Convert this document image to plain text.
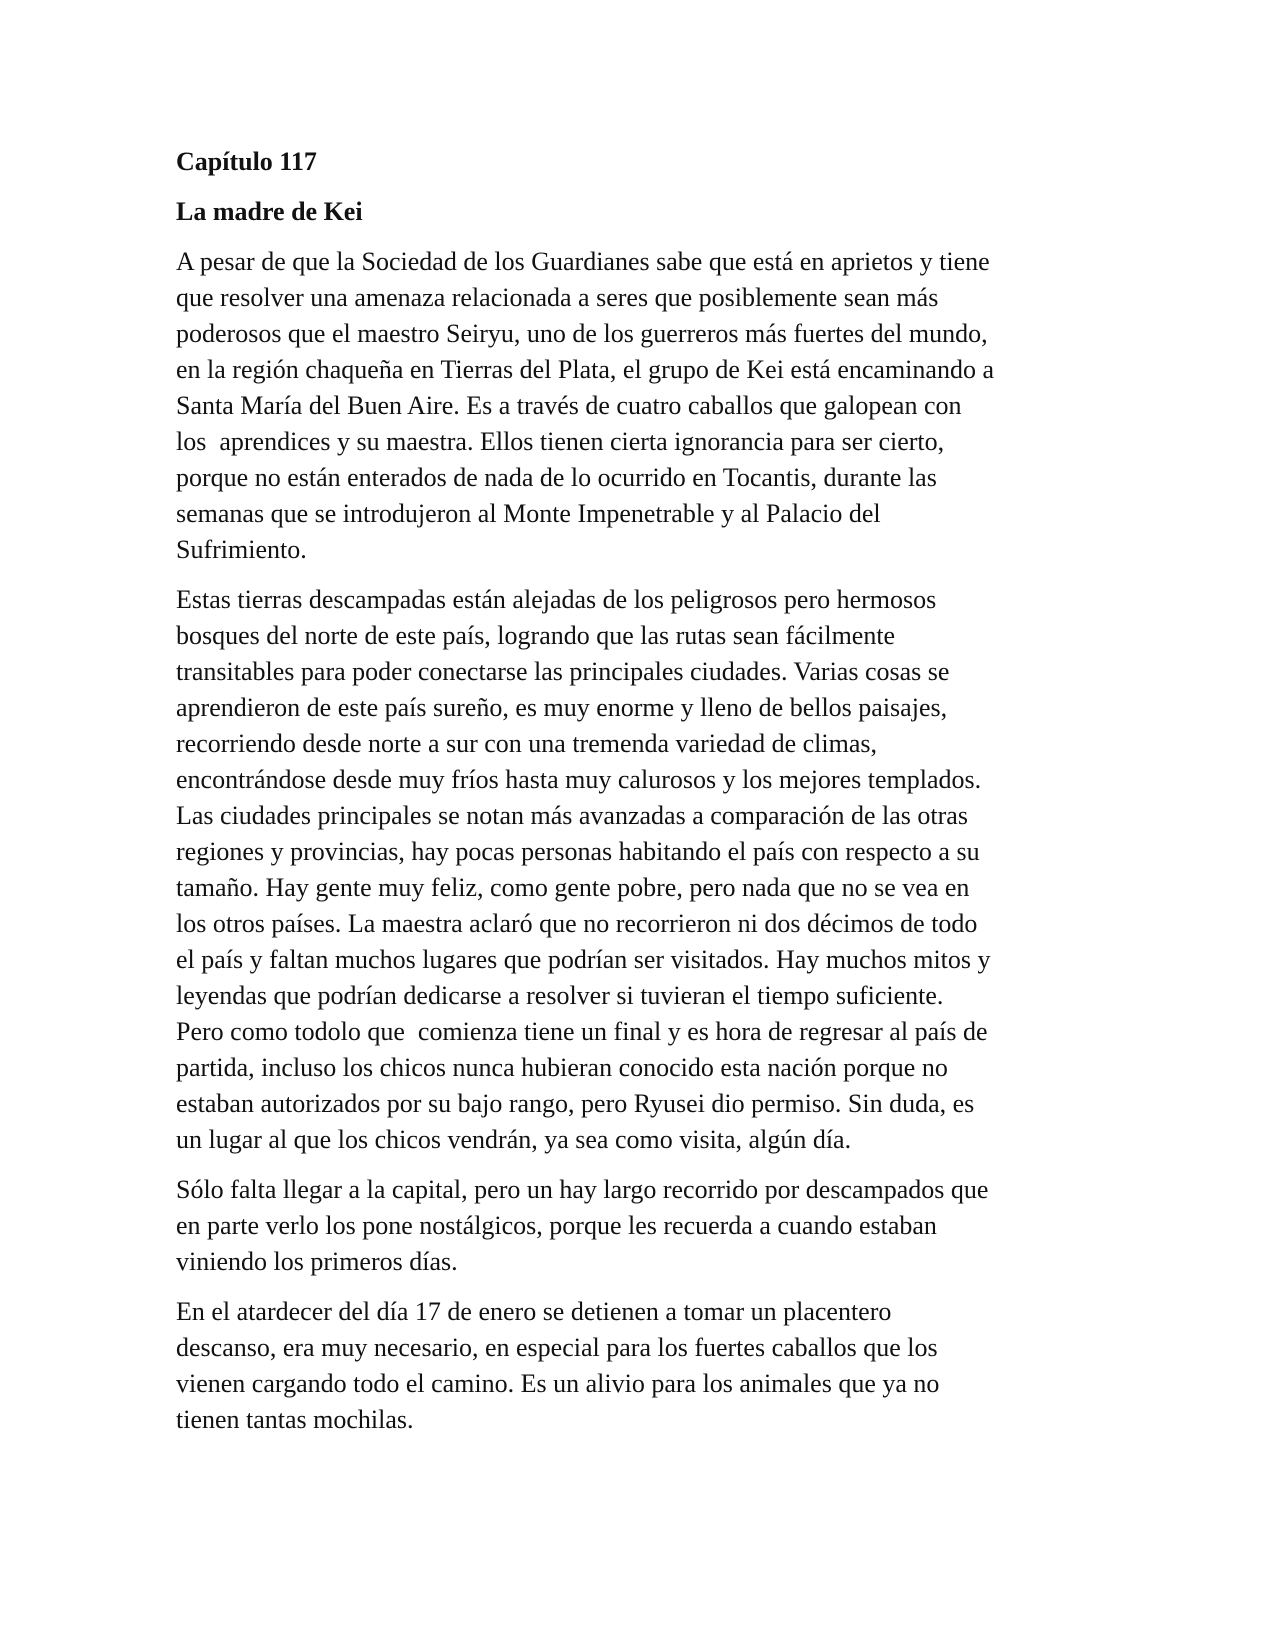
Capítulo 117
La madre de Kei
A pesar de que la Sociedad de los Guardianes sabe que está en aprietos y tiene
que resolver una amenaza relacionada a seres que posiblemente sean más
poderosos que el maestro Seiryu, uno de los guerreros más fuertes del mundo,
en la región chaqueña en Tierras del Plata, el grupo de Kei está encaminando a
Santa María del Buen Aire. Es a través de cuatro caballos que galopean con
los  aprendices y su maestra. Ellos tienen cierta ignorancia para ser cierto,
porque no están enterados de nada de lo ocurrido en Tocantis, durante las
semanas que se introdujeron al Monte Impenetrable y al Palacio del
Sufrimiento.
Estas tierras descampadas están alejadas de los peligrosos pero hermosos
bosques del norte de este país, logrando que las rutas sean fácilmente
transitables para poder conectarse las principales ciudades. Varias cosas se
aprendieron de este país sureño, es muy enorme y lleno de bellos paisajes,
recorriendo desde norte a sur con una tremenda variedad de climas,
encontrándose desde muy fríos hasta muy calurosos y los mejores templados.
Las ciudades principales se notan más avanzadas a comparación de las otras
regiones y provincias, hay pocas personas habitando el país con respecto a su
tamaño. Hay gente muy feliz, como gente pobre, pero nada que no se vea en
los otros países. La maestra aclaró que no recorrieron ni dos décimos de todo
el país y faltan muchos lugares que podrían ser visitados. Hay muchos mitos y
leyendas que podrían dedicarse a resolver si tuvieran el tiempo suficiente.
Pero como todolo que  comienza tiene un final y es hora de regresar al país de
partida, incluso los chicos nunca hubieran conocido esta nación porque no
estaban autorizados por su bajo rango, pero Ryusei dio permiso. Sin duda, es
un lugar al que los chicos vendrán, ya sea como visita, algún día.
Sólo falta llegar a la capital, pero un hay largo recorrido por descampados que
en parte verlo los pone nostálgicos, porque les recuerda a cuando estaban
viniendo los primeros días.
En el atardecer del día 17 de enero se detienen a tomar un placentero
descanso, era muy necesario, en especial para los fuertes caballos que los
vienen cargando todo el camino. Es un alivio para los animales que ya no
tienen tantas mochilas.
